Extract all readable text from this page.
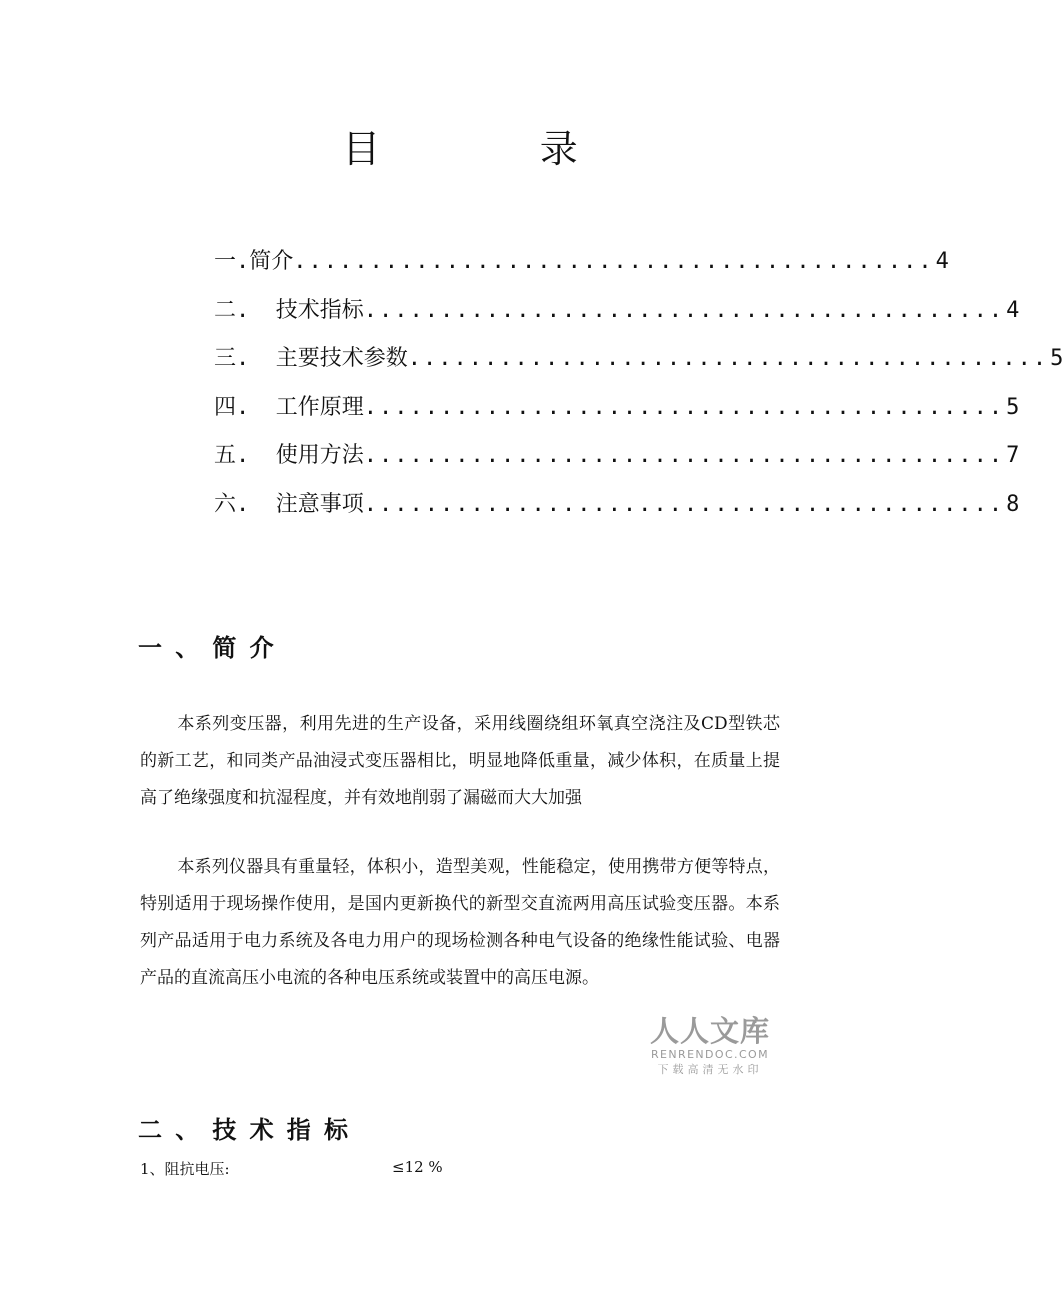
目　录
一. 简介 .......................................... 4
二. 技术指标 .......................................... 4
三. 主要技术参数 .......................................... 5
四. 工作原理 .......................................... 5
五. 使用方法 .......................................... 7
六. 注意事项 .......................................... 8
一、简介

本系列变压器，利用先进的生产设备，采用线圈绕组环氧真空浇注及CD型铁芯的新工艺，和同类产品油浸式变压器相比，明显地降低重量，减少体积，在质量上提高了绝缘强度和抗湿程度，并有效地削弱了漏磁而大大加强

本系列仪器具有重量轻，体积小，造型美观，性能稳定，使用携带方便等特点，特别适用于现场操作使用，是国内更新换代的新型交直流两用高压试验变压器。本系列产品适用于电力系统及各电力用户的现场检测各种电气设备的绝缘性能试验、电器产品的直流高压小电流的各种电压系统或装置中的高压电源。

人人文库
RENRENDOC.COM
下载高清无水印
二、技术指标
1、阻抗电压:	≤12 %
